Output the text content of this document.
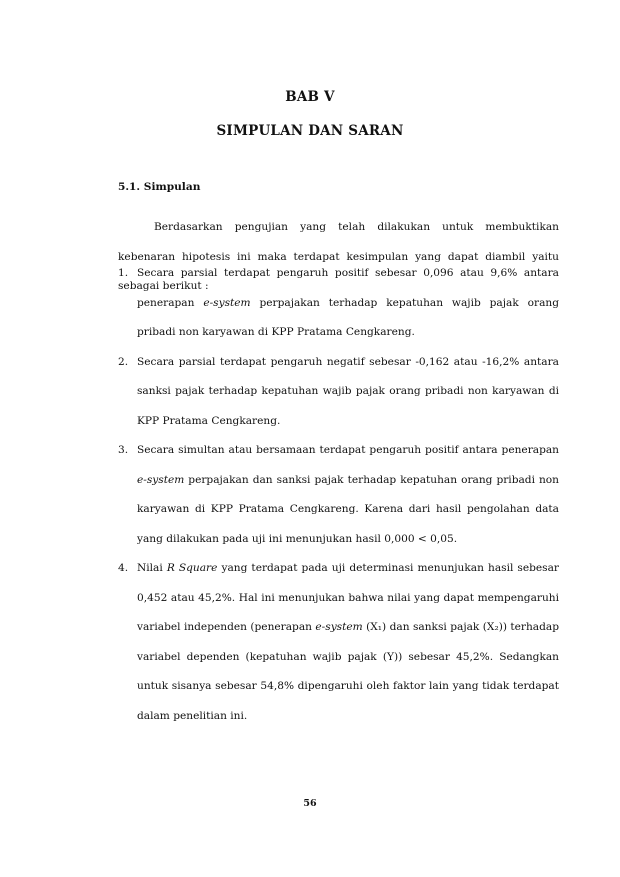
BAB V
SIMPULAN DAN SARAN
5.1. Simpulan

Berdasarkan pengujian yang telah dilakukan untuk membuktikan kebenaran hipotesis ini maka terdapat kesimpulan yang dapat diambil yaitu sebagai berikut :

1. Secara parsial terdapat pengaruh positif sebesar 0,096 atau 9,6% antara penerapan e-system perpajakan terhadap kepatuhan wajib pajak orang pribadi non karyawan di KPP Pratama Cengkareng.
2. Secara parsial terdapat pengaruh negatif sebesar -0,162 atau -16,2% antara sanksi pajak terhadap kepatuhan wajib pajak orang pribadi non karyawan di KPP Pratama Cengkareng.
3. Secara simultan atau bersamaan terdapat pengaruh positif antara penerapan e-system perpajakan dan sanksi pajak terhadap kepatuhan orang pribadi non karyawan di KPP Pratama Cengkareng. Karena dari hasil pengolahan data yang dilakukan pada uji ini menunjukan hasil 0,000 < 0,05.
4. Nilai R Square yang terdapat pada uji determinasi menunjukan hasil sebesar 0,452 atau 45,2%. Hal ini menunjukan bahwa nilai yang dapat mempengaruhi variabel independen (penerapan e-system (X₁) dan sanksi pajak (X₂)) terhadap variabel dependen (kepatuhan wajib pajak (Y)) sebesar 45,2%. Sedangkan untuk sisanya sebesar 54,8% dipengaruhi oleh faktor lain yang tidak terdapat dalam penelitian ini.
56
